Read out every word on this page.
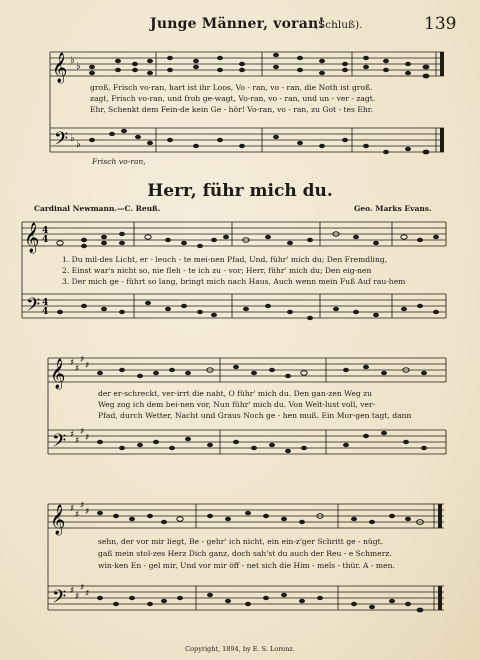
Junge Männer, voran!
(Schluß).	139
𝄞
𝄢
♭
♭
♭
♭
groß, Frisch vo-ran, hart ist ihr Loos, Vo - ran, vo - ran, die Noth ist groß.
zagt, Frisch vo-ran, und froh ge-wagt, Vo-ran, vo - ran, und un - ver - zagt.
Ehr, Schenkt dem Fein-de kein Ge - hör! Vo-ran, vo - ran, zu Got - tes Ehr.
Frisch vo-ran,
Herr, führ mich du.
Cardinal Newmann.—C. Reuß.	Geo. Marks Evans.
𝄞
𝄢
4
4
4
4
1. Du mil-des Licht, er - leuch - te mei-nen Pfad, Und, führ' mich du; Den Fremdling,
2. Einst war's nicht so, nie fleh - te ich zu - vor; Herr, führ' mich du; Den eig-nen
3. Der mich ge - führt so lang, bringt mich nach Haus, Auch wenn mein Fuß Auf rau-hem
𝄞
𝄢
♯
♯
♯
♯
♯
♯
♯
♯
der er-schreckt, ver-irrt die naht, O führ' mich du. Den gan-zen Weg zu
Weg zog ich dem bei-nen vor, Nun führ' mich du. Von Welt-lust voll, ver-
Pfad, durch Wetter, Nacht und Graus Noch ge - hen muß. Ein Mor-gen tagt, dann
𝄞
𝄢
♯
♯
♯
♯
♯
♯
♯
♯
sehn, der vor mir liegt, Be - gehr' ich nicht, ein ein-z'ger Schritt ge - nügt.
gaß mein stol-zes Herz Dich ganz, doch sah'st du auch der Reu - e Schmerz.
win-ken En - gel mir, Und vor mir öff - net sich die Him - mels - thür. A - men.
Copyright, 1894, by E. S. Lorenz.
